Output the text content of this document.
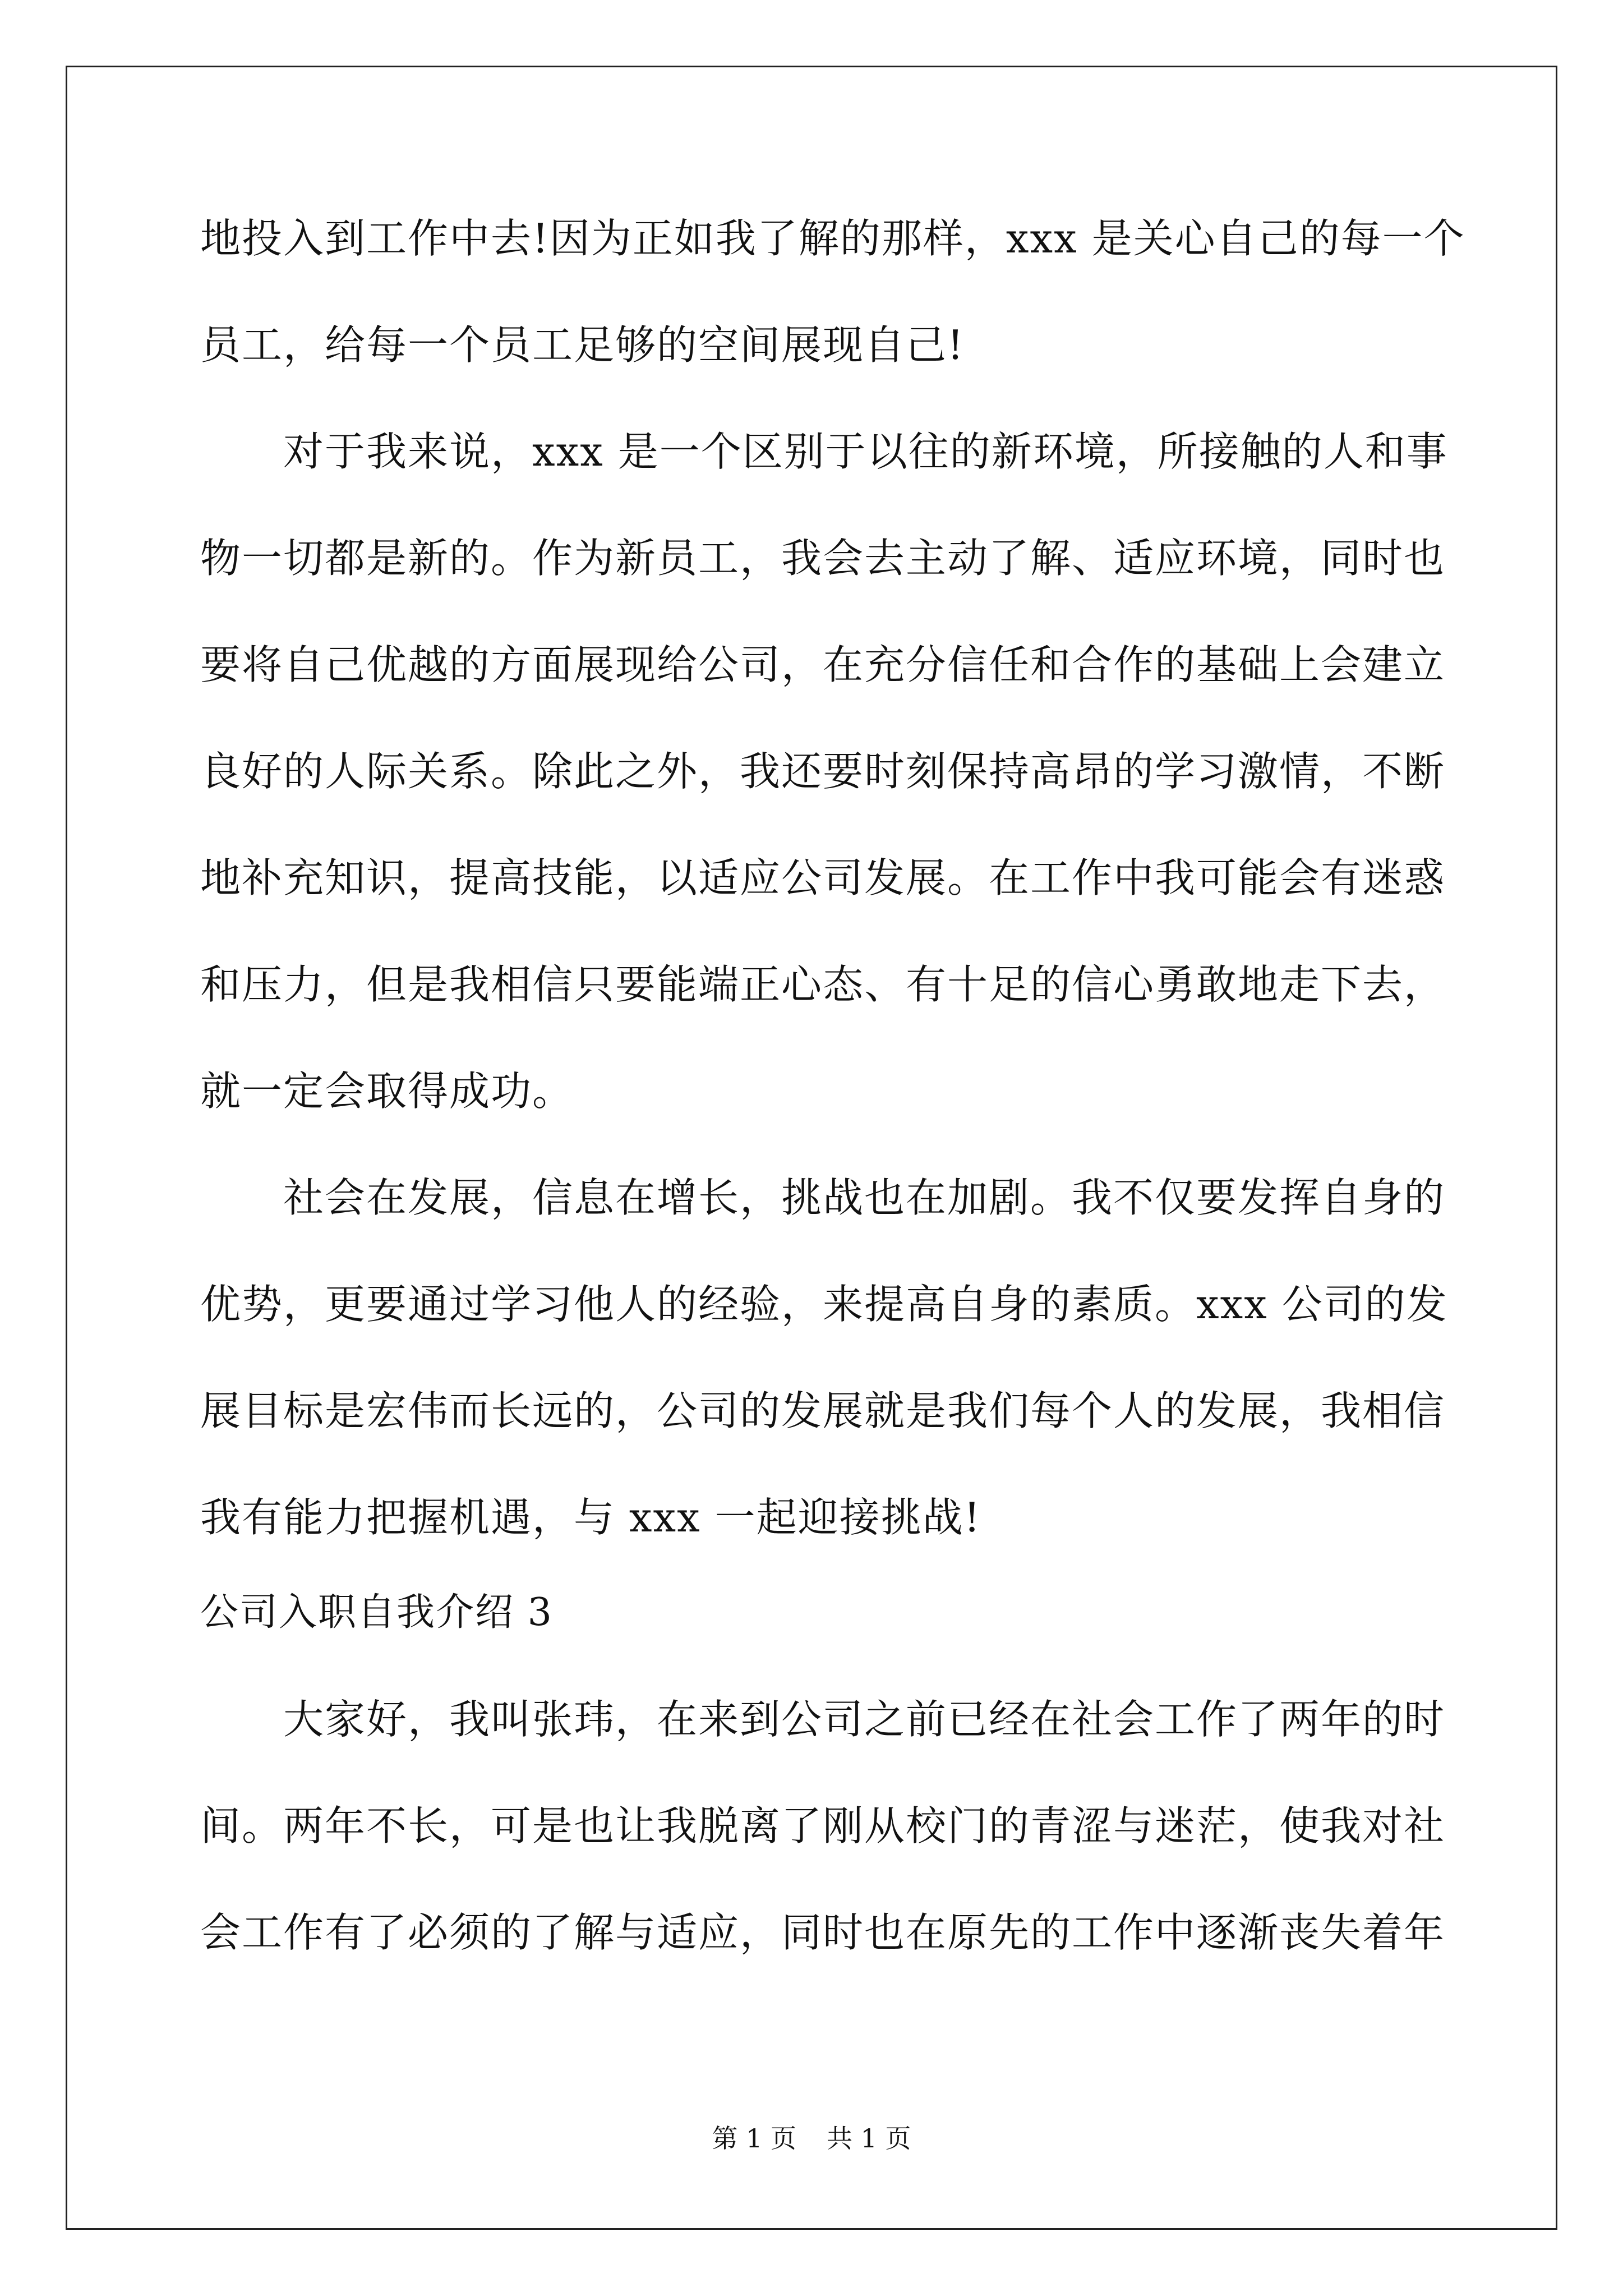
地投入到工作中去!因为正如我了解的那样，xxx 是关心自己的每一个
员工，给每一个员工足够的空间展现自己!
　　对于我来说，xxx 是一个区别于以往的新环境，所接触的人和事
物一切都是新的。作为新员工，我会去主动了解、适应环境，同时也
要将自己优越的方面展现给公司，在充分信任和合作的基础上会建立
良好的人际关系。除此之外，我还要时刻保持高昂的学习激情，不断
地补充知识，提高技能，以适应公司发展。在工作中我可能会有迷惑
和压力，但是我相信只要能端正心态、有十足的信心勇敢地走下去，
就一定会取得成功。
　　社会在发展，信息在增长，挑战也在加剧。我不仅要发挥自身的
优势，更要通过学习他人的经验，来提高自身的素质。xxx 公司的发
展目标是宏伟而长远的，公司的发展就是我们每个人的发展，我相信
我有能力把握机遇，与 xxx 一起迎接挑战!
公司入职自我介绍 3
　　大家好，我叫张玮，在来到公司之前已经在社会工作了两年的时
间。两年不长，可是也让我脱离了刚从校门的青涩与迷茫，使我对社
会工作有了必须的了解与适应，同时也在原先的工作中逐渐丧失着年
第 1 页 共 1 页
